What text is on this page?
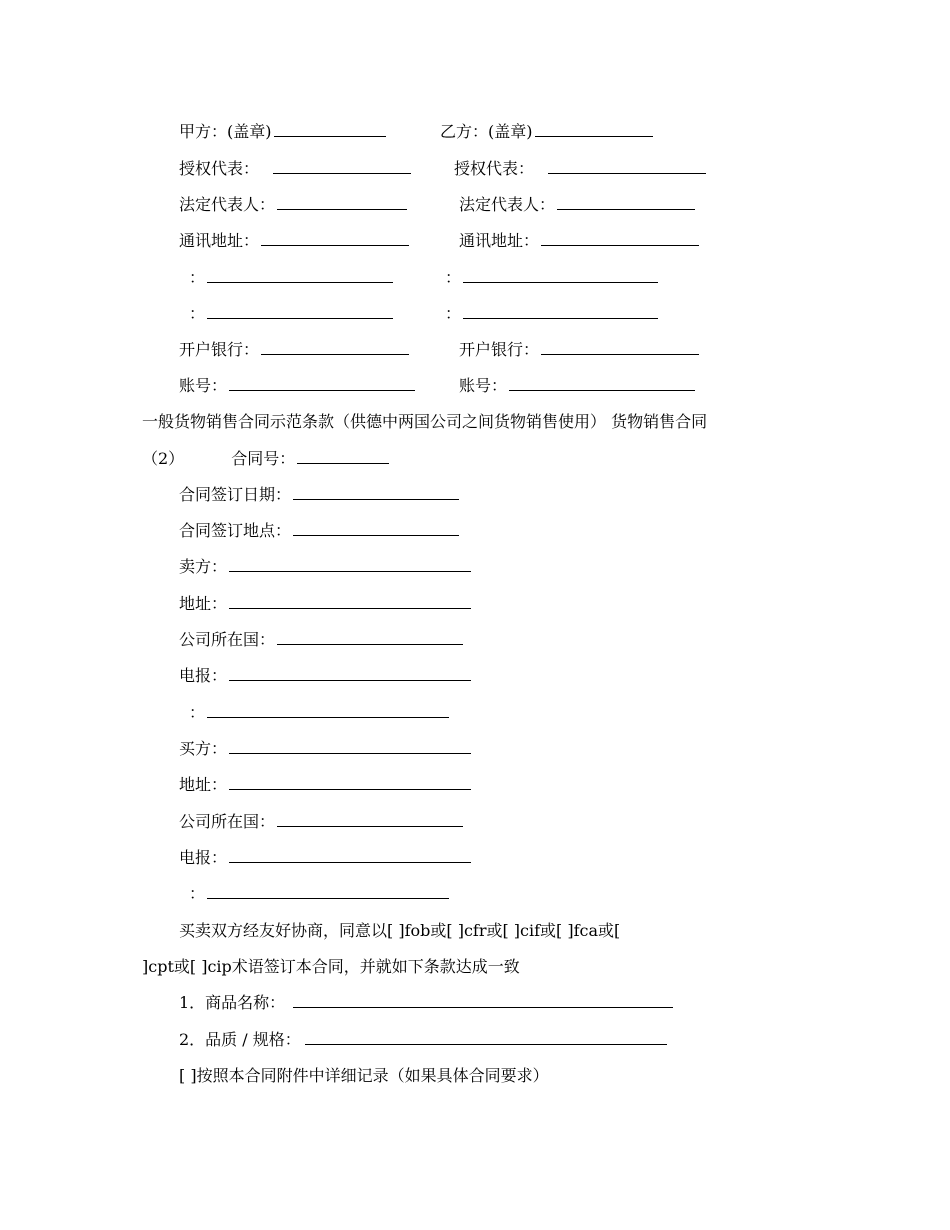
甲方：(盖章)	乙方：(盖章)
授权代表：	授权代表：
法定代表人：	法定代表人：
通讯地址：	通讯地址：
：	：
：	：
开户银行：	开户银行：
账号：	账号：
一般货物销售合同示范条款（供德中两国公司之间货物销售使用） 货物销售合同
（2）	合同号：
合同签订日期：
合同签订地点：
卖方：
地址：
公司所在国：
电报：
：
买方：
地址：
公司所在国：
电报：
：
买卖双方经友好协商，同意以[ ]fob或[ ]cfr或[ ]cif或[ ]fca或[
]cpt或[ ]cip术语签订本合同，并就如下条款达成一致
1．商品名称：
2．品质 / 规格：
[ ]按照本合同附件中详细记录（如果具体合同要求）
